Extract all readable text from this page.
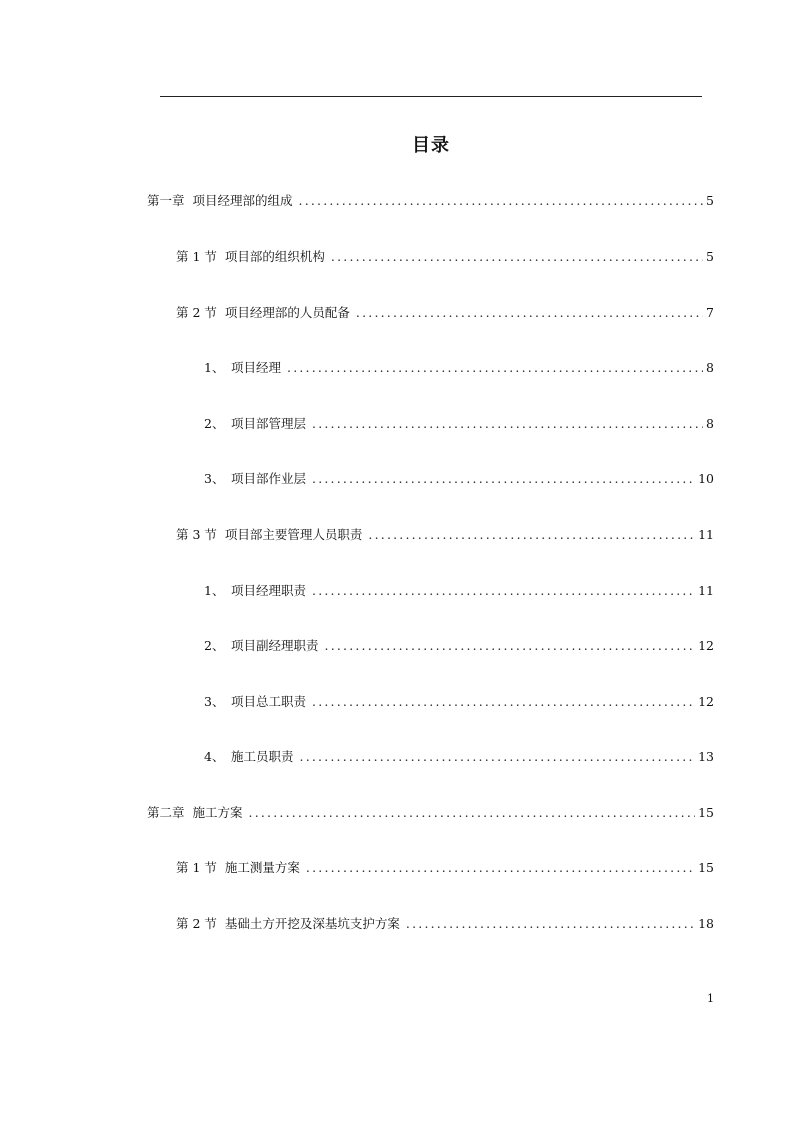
目录
第一章 项目经理部的组成 .....	5
第 1 节 项目部的组织机构 .....	5
第 2 节 项目经理部的人员配备 .....	7
1、 项目经理 .....	8
2、 项目部管理层 .....	8
3、 项目部作业层 .....	10
第 3 节 项目部主要管理人员职责 .....	11
1、 项目经理职责 .....	11
2、 项目副经理职责 .....	12
3、 项目总工职责 .....	12
4、 施工员职责 .....	13
第二章 施工方案 .....	15
第 1 节 施工测量方案 .....	15
第 2 节 基础土方开挖及深基坑支护方案 .....	18
1
